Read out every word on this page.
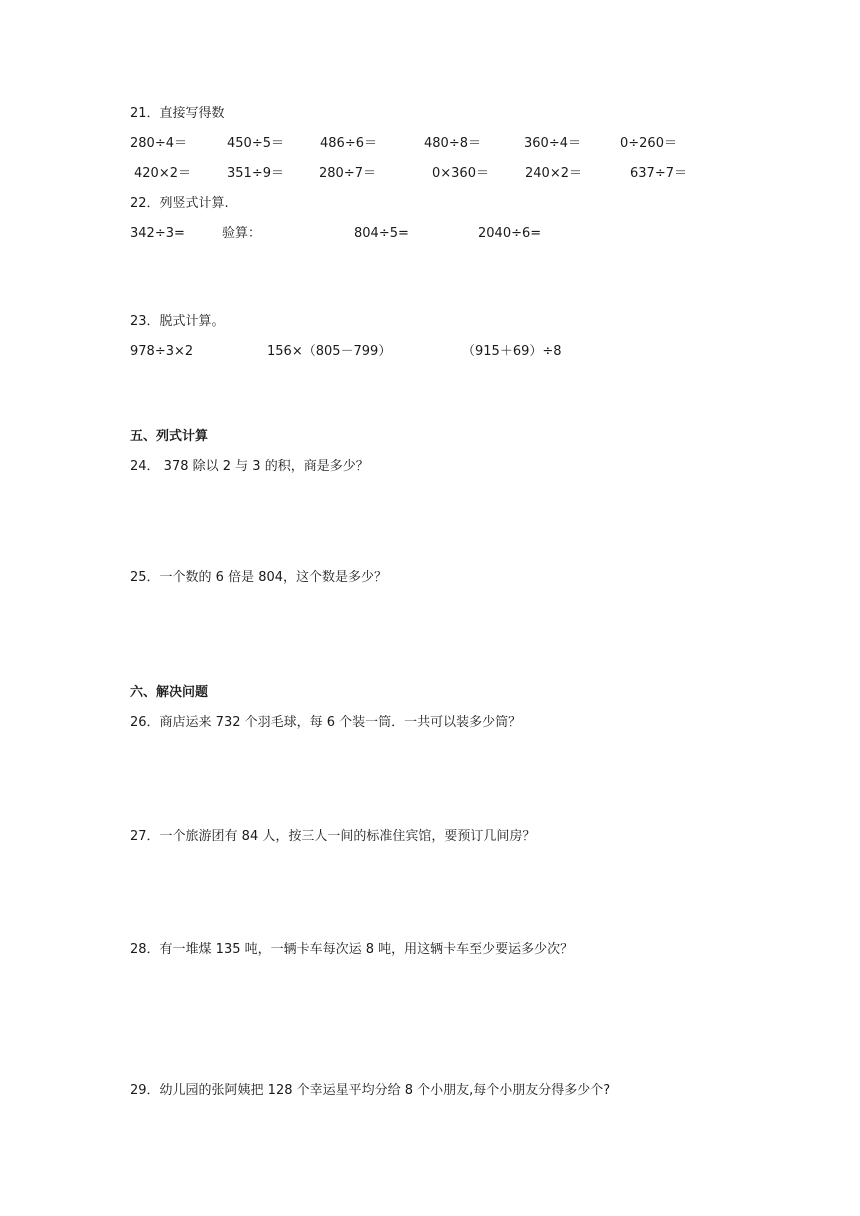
21．直接写得数
280÷4＝	450÷5＝	486÷6＝	480÷8＝	360÷4＝	0÷260＝
420×2＝	351÷9＝	280÷7＝	0×360＝	240×2＝	637÷7＝
22．列竖式计算.
342÷3=	验算：	804÷5=	2040÷6=
23．脱式计算。
978÷3×2	156×（805－799）	（915＋69）÷8
五、列式计算
24． 378 除以 2 与 3 的积，商是多少？
25．一个数的 6 倍是 804，这个数是多少？
六、解决问题
26．商店运来 732 个羽毛球，每 6 个装一筒．一共可以装多少筒？
27．一个旅游团有 84 人，按三人一间的标准住宾馆，要预订几间房？
28．有一堆煤 135 吨，一辆卡车每次运 8 吨，用这辆卡车至少要运多少次？
29．幼儿园的张阿姨把 128 个幸运星平均分给 8 个小朋友,每个小朋友分得多少个?
